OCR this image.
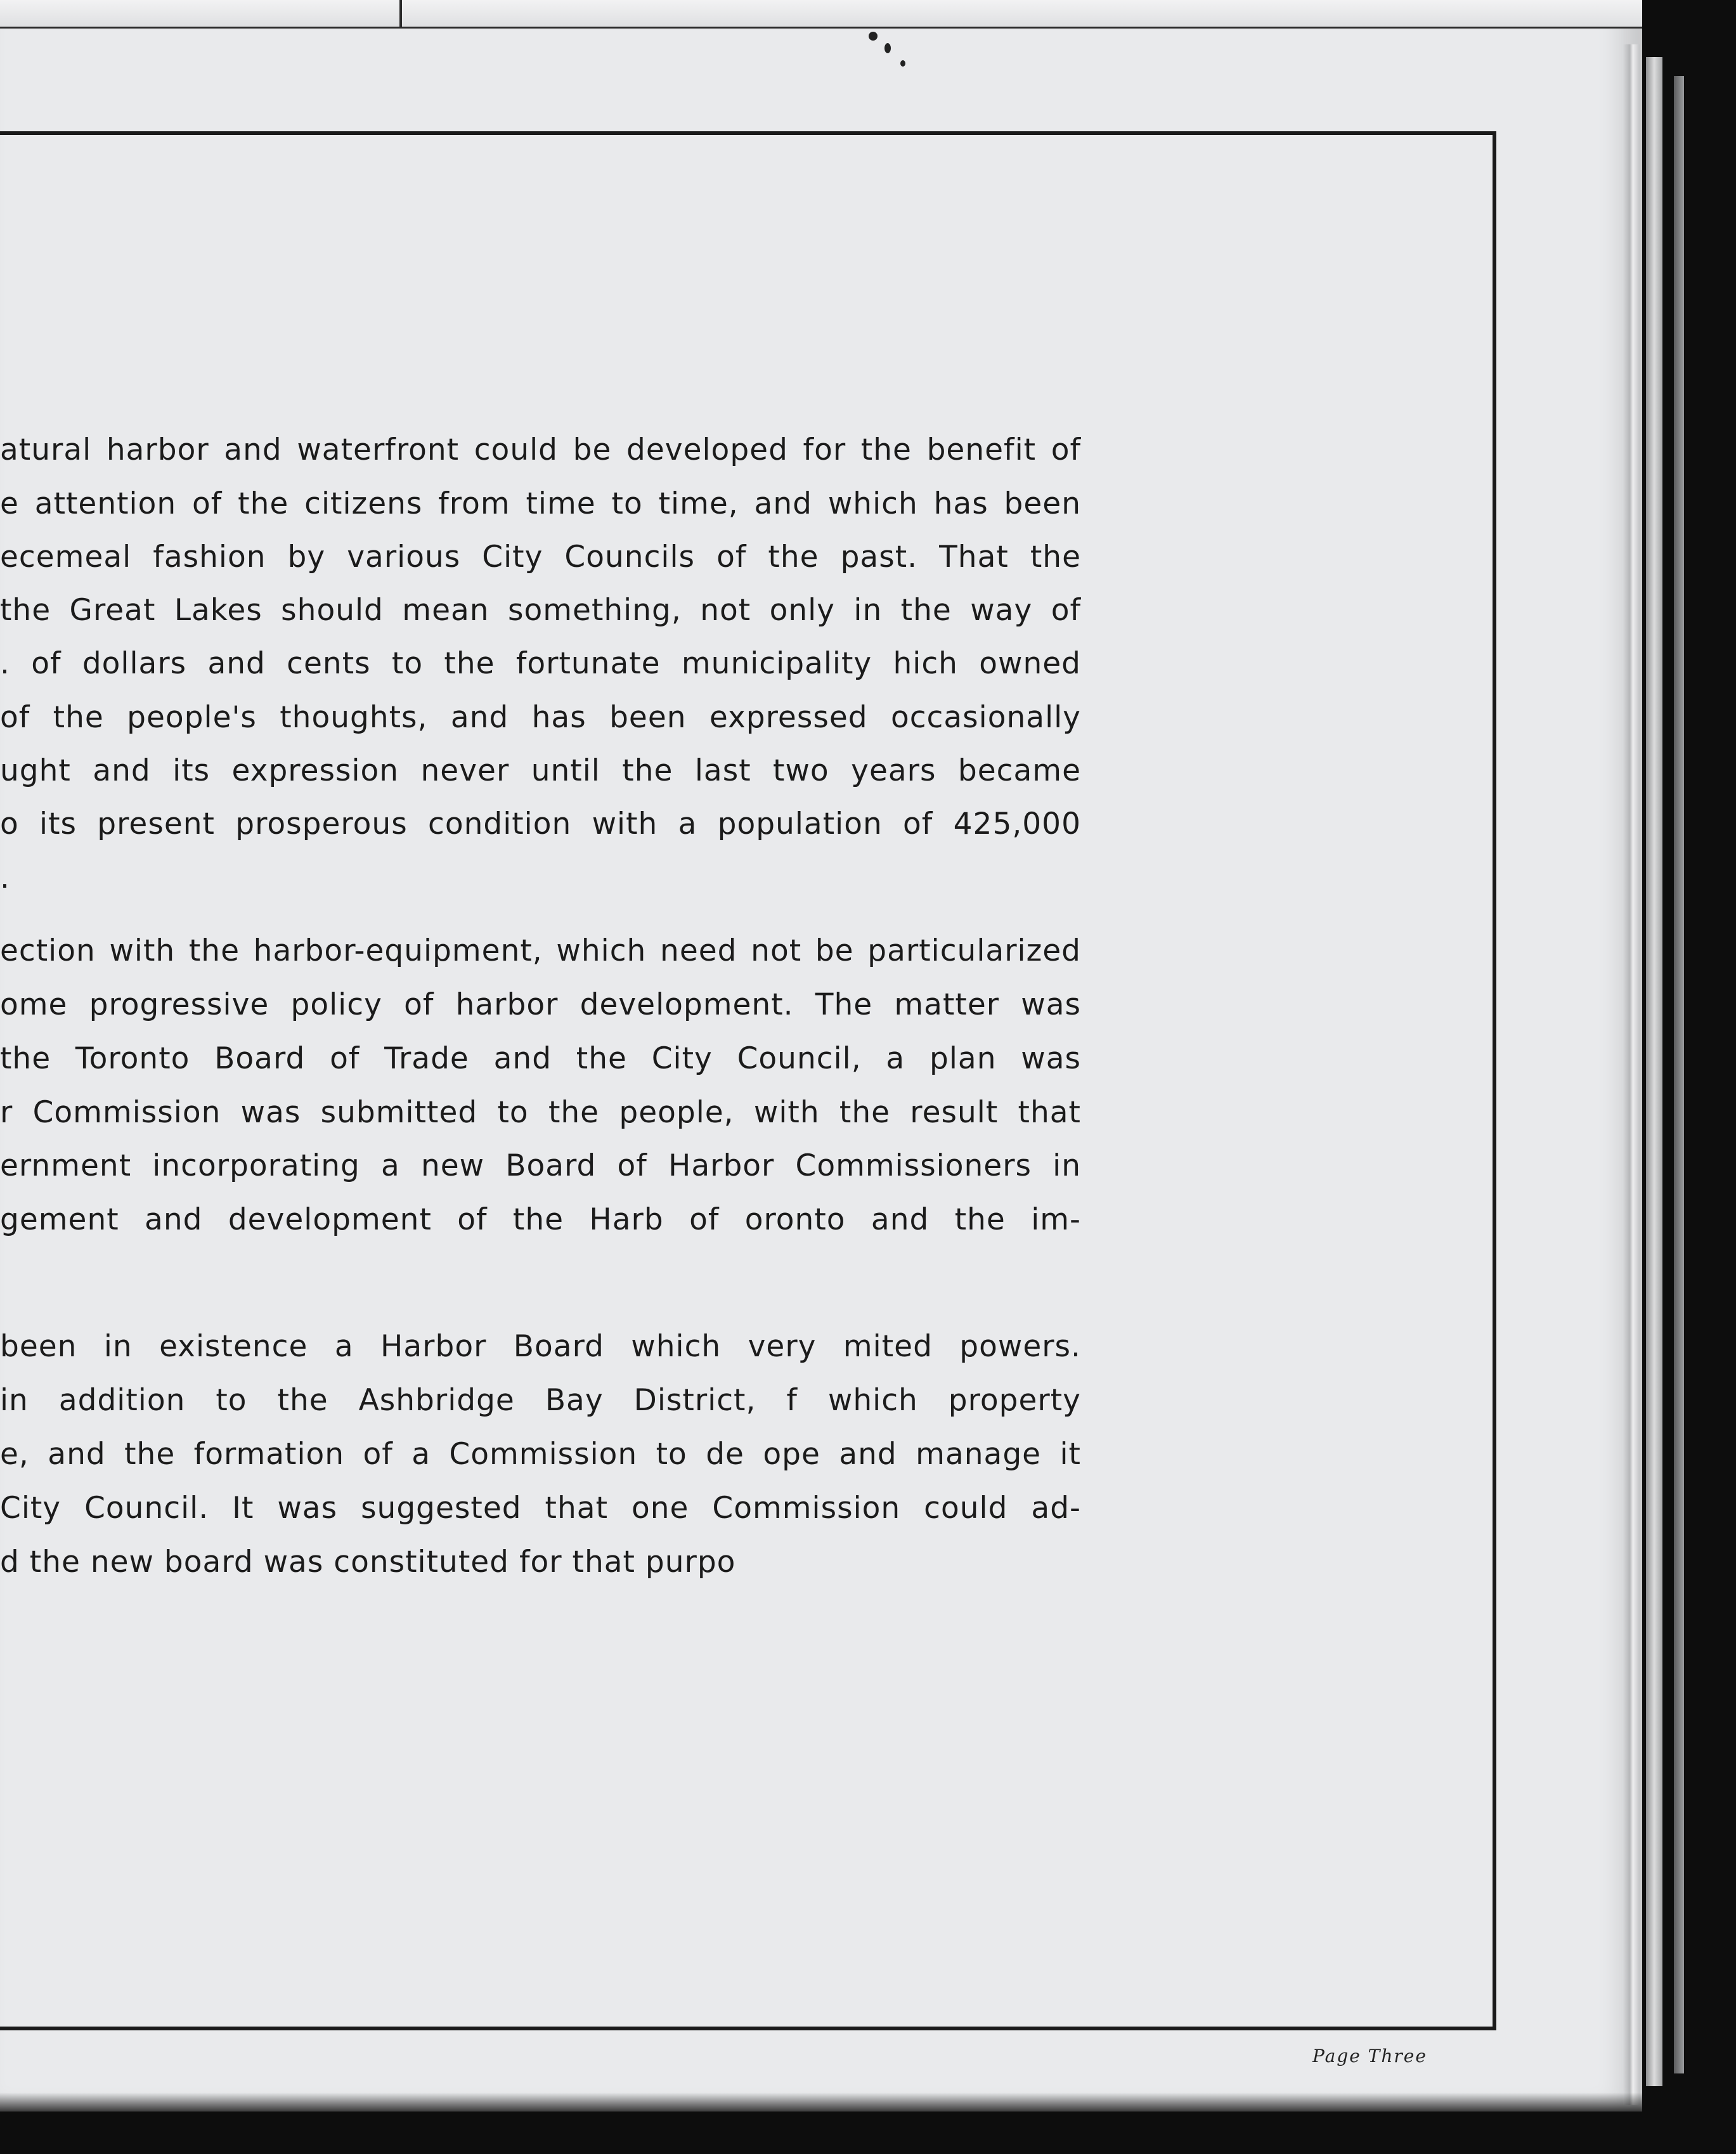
atural harbor and waterfront could be developed for the benefit of
e attention of the citizens from time to time, and which has been
ecemeal fashion by various City Councils of the past. That the
the Great Lakes should mean something, not only in the way of
. of dollars and cents to the fortunate municipality hich owned
of the people's thoughts, and has been expressed occasionally
ught and its expression never until the last two years became
o its present prosperous condition with a population of 425,000
.
ection with the harbor-equipment, which need not be particularized
ome progressive policy of harbor development. The matter was
the Toronto Board of Trade and the City Council, a plan was
r Commission was submitted to the people, with the result that
ernment incorporating a new Board of Harbor Commissioners in
gement and development of the Harb of oronto and the im-
been in existence a Harbor Board which very mited powers.
in addition to the Ashbridge Bay District, f which property
e, and the formation of a Commission to de ope and manage it
City Council. It was suggested that one Commission could ad-
d the new board was constituted for that purpo
Page Three
